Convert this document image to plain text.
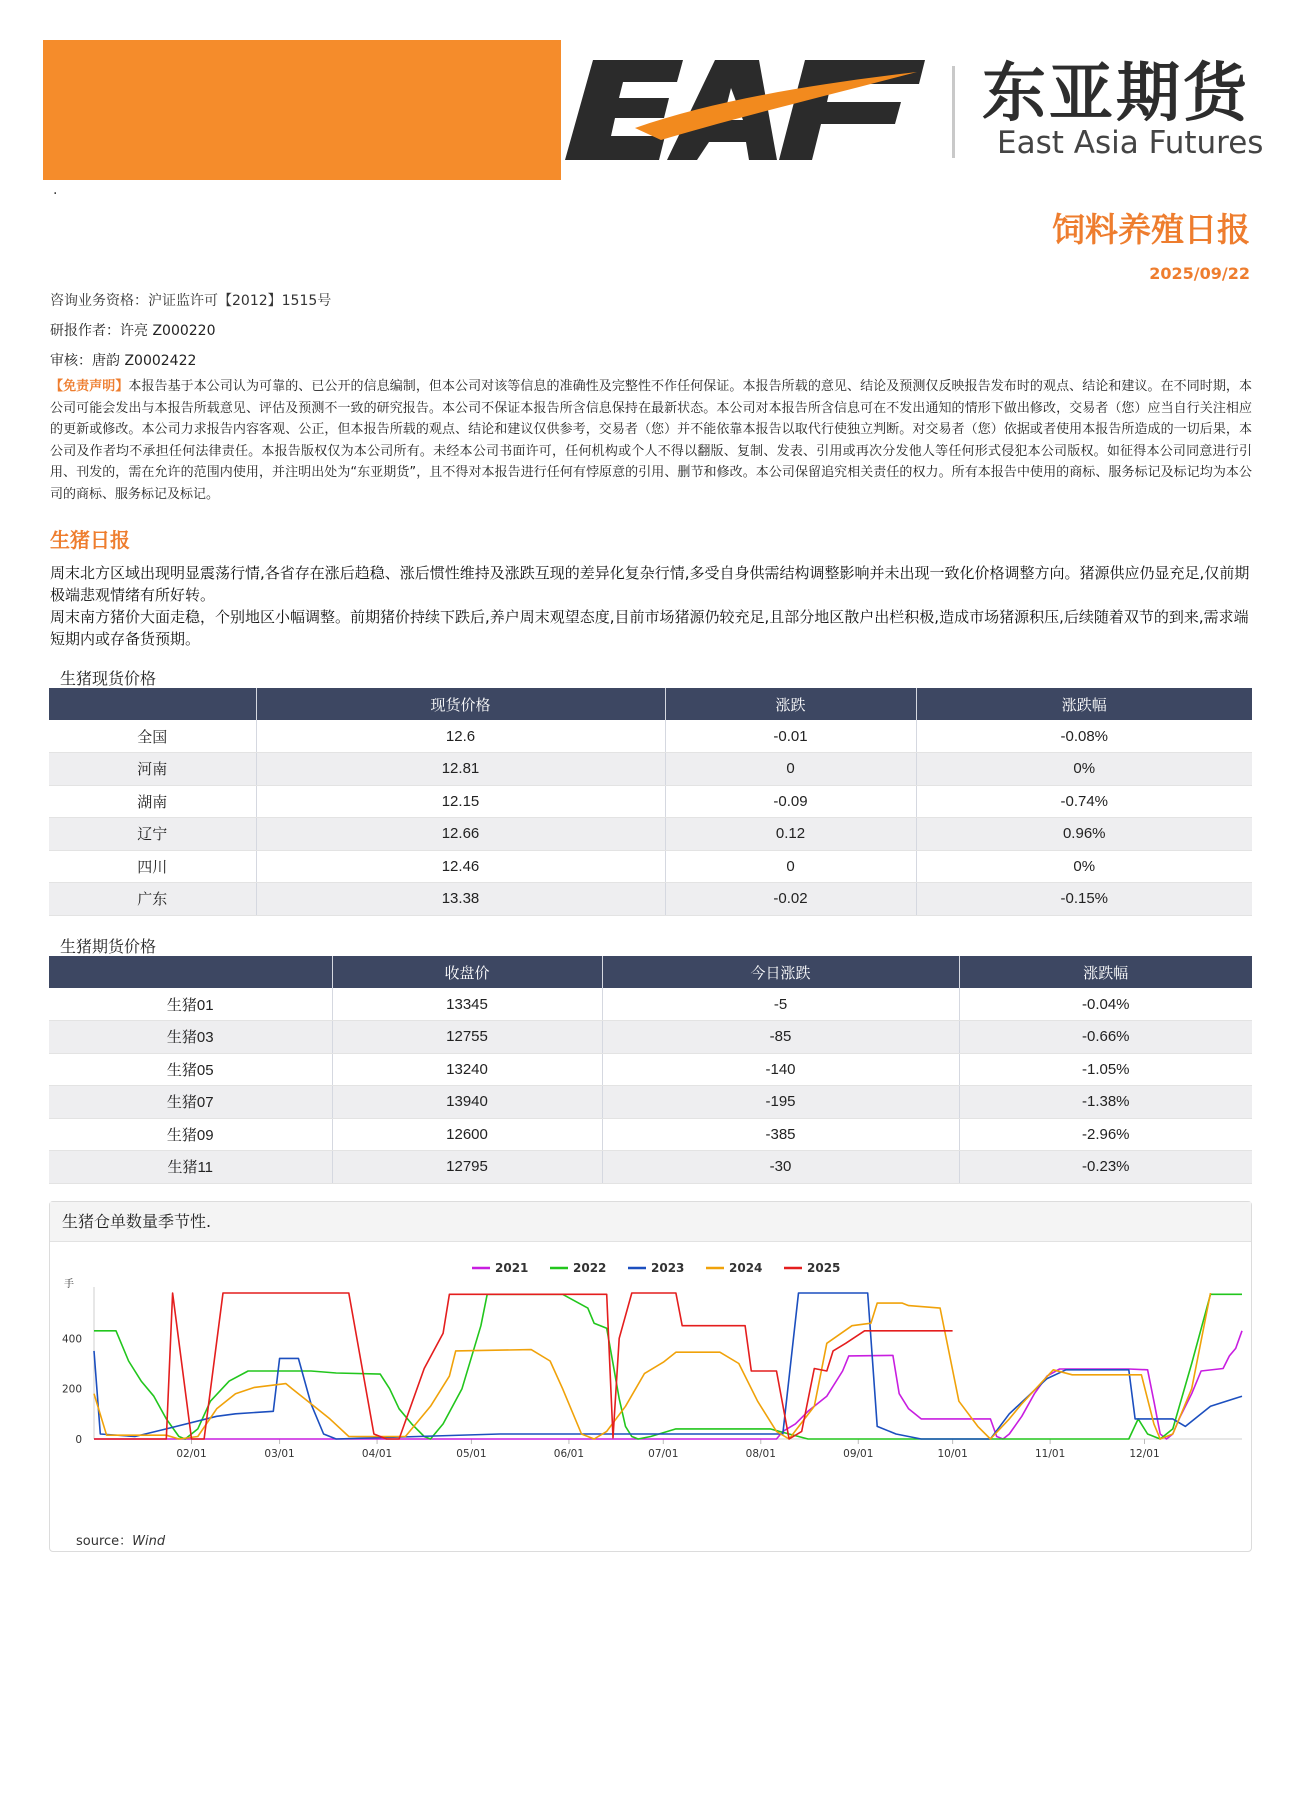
东亚期货
East Asia Futures
.
饲料养殖日报
2025/09/22
咨询业务资格：沪证监许可【2012】1515号
研报作者：许亮 Z000220
审核：唐韵 Z0002422
【免责声明】本报告基于本公司认为可靠的、已公开的信息编制，但本公司对该等信息的准确性及完整性不作任何保证。本报告所载的意见、结论及预测仅反映报告发布时的观点、结论和建议。在不同时期，本公司可能会发出与本报告所载意见、评估及预测不一致的研究报告。本公司不保证本报告所含信息保持在最新状态。本公司对本报告所含信息可在不发出通知的情形下做出修改，交易者（您）应当自行关注相应的更新或修改。本公司力求报告内容客观、公正，但本报告所载的观点、结论和建议仅供参考，交易者（您）并不能依靠本报告以取代行使独立判断。对交易者（您）依据或者使用本报告所造成的一切后果，本公司及作者均不承担任何法律责任。本报告版权仅为本公司所有。未经本公司书面许可，任何机构或个人不得以翻版、复制、发表、引用或再次分发他人等任何形式侵犯本公司版权。如征得本公司同意进行引用、刊发的，需在允许的范围内使用，并注明出处为“东亚期货”，且不得对本报告进行任何有悖原意的引用、删节和修改。本公司保留追究相关责任的权力。所有本报告中使用的商标、服务标记及标记均为本公司的商标、服务标记及标记。
生猪日报
周末北方区域出现明显震荡行情,各省存在涨后趋稳、涨后惯性维持及涨跌互现的差异化复杂行情,多受自身供需结构调整影响并未出现一致化价格调整方向。猪源供应仍显充足,仅前期极端悲观情绪有所好转。
周末南方猪价大面走稳，个别地区小幅调整。前期猪价持续下跌后,养户周末观望态度,目前市场猪源仍较充足,且部分地区散户出栏积极,造成市场猪源积压,后续随着双节的到来,需求端短期内或存备货预期。
生猪现货价格
	现货价格	涨跌	涨跌幅
全国	12.6	-0.01	-0.08%
河南	12.81	0	0%
湖南	12.15	-0.09	-0.74%
辽宁	12.66	0.12	0.96%
四川	12.46	0	0%
广东	13.38	-0.02	-0.15%
生猪期货价格
	收盘价	今日涨跌	涨跌幅
生猪01	13345	-5	-0.04%
生猪03	12755	-85	-0.66%
生猪05	13240	-140	-1.05%
生猪07	13940	-195	-1.38%
生猪09	12600	-385	-2.96%
生猪11	12795	-30	-0.23%
生猪仓单数量季节性.
手
0
200
400
02/01	03/01	04/01	05/01	06/01	07/01	08/01	09/01	10/01	11/01	12/01
2021	2022	2023	2024	2025
source：Wind
